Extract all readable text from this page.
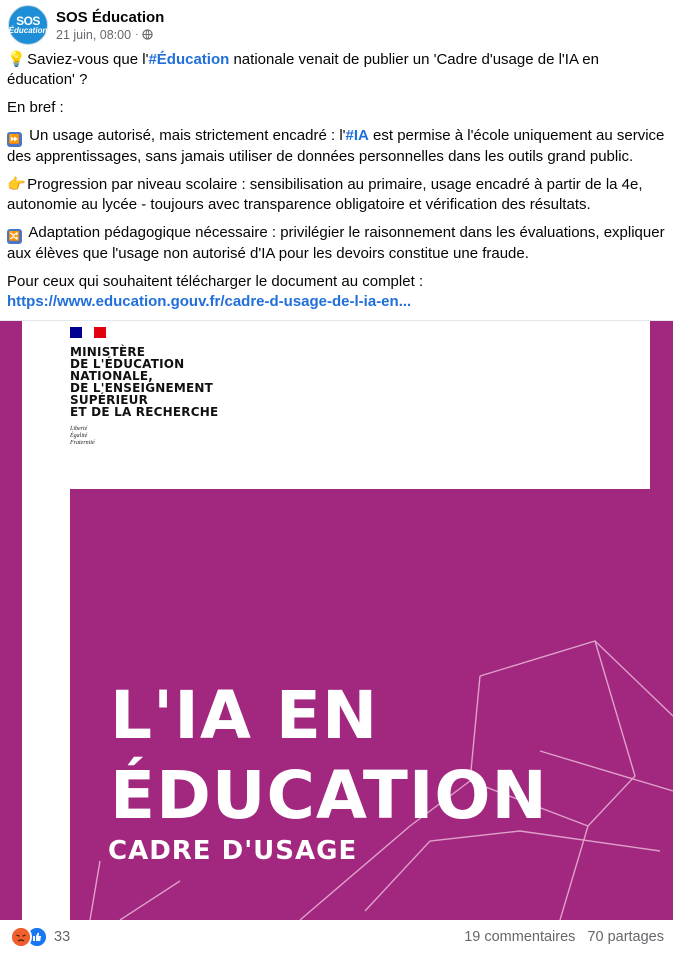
SOS
Éducation
SOS Éducation
21 juin, 08:00 ·

💡 Saviez-vous que l'#Éducation nationale venait de publier un 'Cadre d'usage de l'IA en éducation' ?

En bref :

⏩ Un usage autorisé, mais strictement encadré : l'#IA est permise à l'école uniquement au service des apprentissages, sans jamais utiliser de données personnelles dans les outils grand public.

👉 Progression par niveau scolaire : sensibilisation au primaire, usage encadré à partir de la 4e, autonomie au lycée - toujours avec transparence obligatoire et vérification des résultats.

🔀 Adaptation pédagogique nécessaire : privilégier le raisonnement dans les évaluations, expliquer aux élèves que l'usage non autorisé d'IA pour les devoirs constitue une fraude.

Pour ceux qui souhaitent télécharger le document au complet :
https://www.education.gouv.fr/cadre-d-usage-de-l-ia-en...

MINISTÈRE
DE L'ÉDUCATION
NATIONALE,
DE L'ENSEIGNEMENT
SUPÉRIEUR
ET DE LA RECHERCHE
Liberté
Égalité
Fraternité
L'IA EN
ÉDUCATION
CADRE D'USAGE
33	19 commentaires 70 partages
